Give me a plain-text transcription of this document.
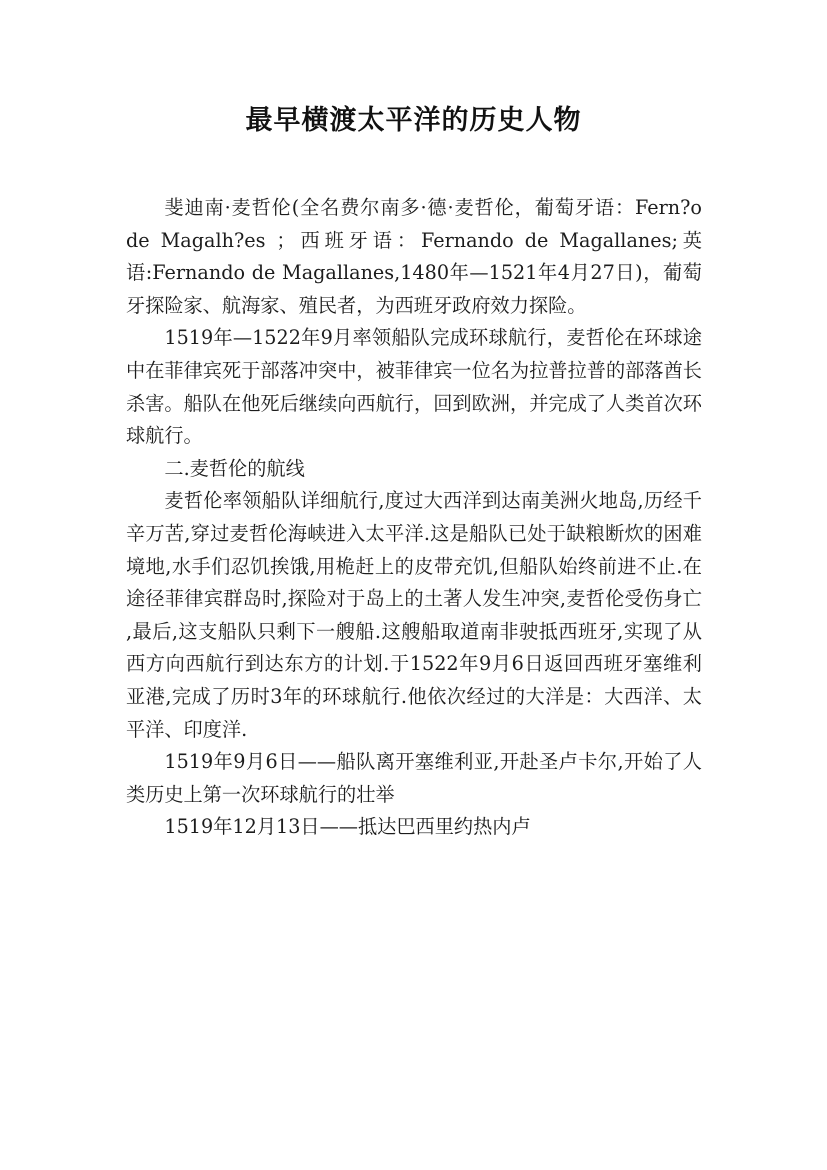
最早横渡太平洋的历史人物

斐迪南·麦哲伦(全名费尔南多·德·麦哲伦，葡萄牙语：Fern?o de Magalh?es ；西班牙语：Fernando de Magallanes;英语:Fernando de Magallanes,1480年—1521年4月27日)，葡萄牙探险家、航海家、殖民者，为西班牙政府效力探险。

1519年—1522年9月率领船队完成环球航行，麦哲伦在环球途中在菲律宾死于部落冲突中，被菲律宾一位名为拉普拉普的部落酋长杀害。船队在他死后继续向西航行，回到欧洲，并完成了人类首次环球航行。

二.麦哲伦的航线

麦哲伦率领船队详细航行,度过大西洋到达南美洲火地岛,历经千辛万苦,穿过麦哲伦海峡进入太平洋.这是船队已处于缺粮断炊的困难境地,水手们忍饥挨饿,用桅赶上的皮带充饥,但船队始终前进不止.在途径菲律宾群岛时,探险对于岛上的土著人发生冲突,麦哲伦受伤身亡 ,最后,这支船队只剩下一艘船.这艘船取道南非驶抵西班牙,实现了从西方向西航行到达东方的计划.于1522年9月6日返回西班牙塞维利亚港,完成了历时3年的环球航行.他依次经过的大洋是：大西洋、太平洋、印度洋.

1519年9月6日——船队离开塞维利亚,开赴圣卢卡尔,开始了人类历史上第一次环球航行的壮举

1519年12月13日——抵达巴西里约热内卢
